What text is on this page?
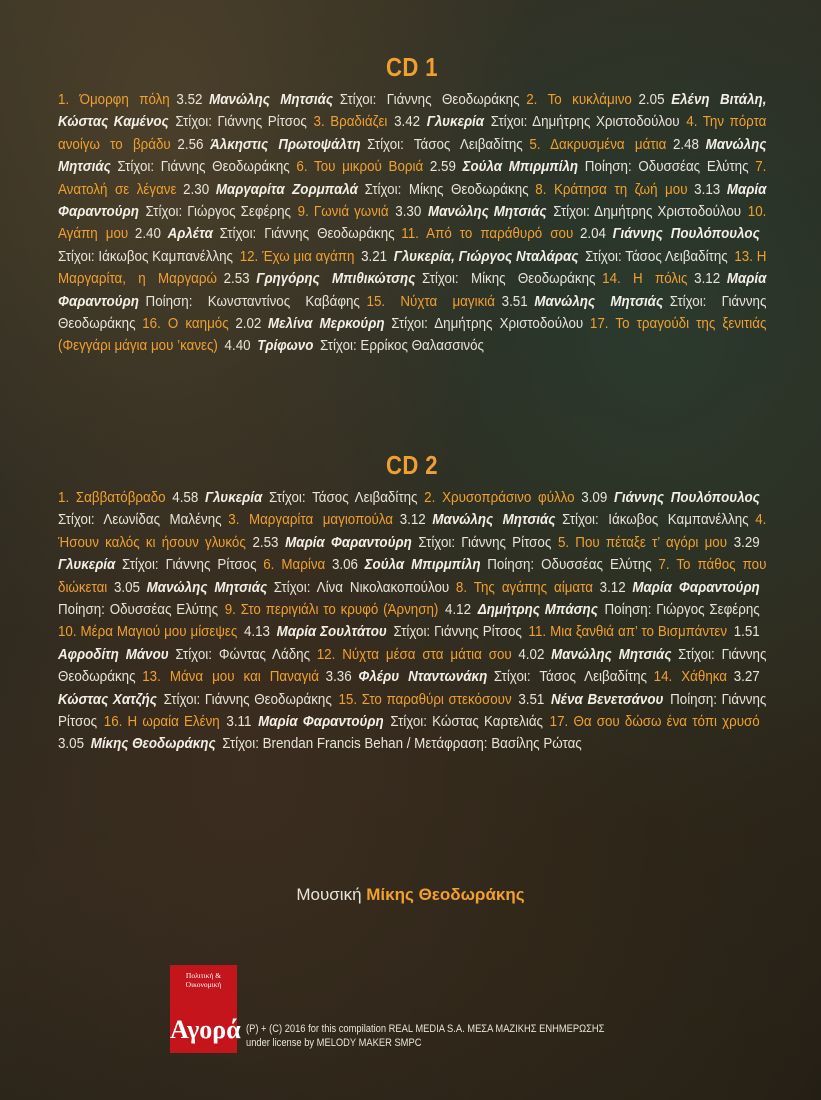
CD 1
1. Όμορφη πόλη  3.52  Μανώλης Μητσιάς  Στίχοι: Γιάννης Θεοδωράκης  2. Το κυκλάμινο  2.05  Ελένη Βιτάλη, Κώστας Καμένος  Στίχοι: Γιάννης Ρίτσος  3. Βραδιάζει  3.42  Γλυκερία  Στίχοι: Δημήτρης Χριστοδούλου  4. Την πόρτα ανοίγω το βράδυ  2.56  Άλκηστις Πρωτοψάλτη  Στίχοι: Τάσος Λειβαδίτης  5. Δακρυσμένα μάτια  2.48  Μανώλης Μητσιάς  Στίχοι: Γιάννης Θεοδωράκης  6. Του μικρού Βοριά  2.59  Σούλα Μπιρμπίλη  Ποίηση: Οδυσσέας Ελύτης  7. Ανατολή σε λέγανε  2.30  Μαργαρίτα Ζορμπαλά  Στίχοι: Μίκης Θεοδωράκης  8. Κράτησα τη ζωή μου  3.13  Μαρία Φαραντούρη  Στίχοι: Γιώργος Σεφέρης  9. Γωνιά γωνιά  3.30  Μανώλης Μητσιάς  Στίχοι: Δημήτρης Χριστοδούλου  10. Αγάπη μου  2.40  Αρλέτα  Στίχοι: Γιάννης Θεοδωράκης  11. Από το παράθυρό σου  2.04  Γιάννης Πουλόπουλος Στίχοι: Ιάκωβος Καμπανέλλης  12. Έχω μια αγάπη  3.21  Γλυκερία, Γιώργος Νταλάρας  Στίχοι: Τάσος Λειβαδίτης  13. Η Μαργαρίτα, η Μαργαρώ  2.53  Γρηγόρης Μπιθικώτσης  Στίχοι: Μίκης Θεοδωράκης  14. Η πόλις  3.12  Μαρία Φαραντούρη  Ποίηση: Κωνσταντίνος Καβάφης  15. Νύχτα μαγικιά  3.51  Μανώλης Μητσιάς  Στίχοι: Γιάννης Θεοδωράκης  16. Ο καημός  2.02  Μελίνα Μερκούρη  Στίχοι: Δημήτρης Χριστοδούλου  17. Το τραγούδι της ξενιτιάς (Φεγγάρι μάγια μου ’κανες)  4.40  Τρίφωνο  Στίχοι: Ερρίκος Θαλασσινός 
CD 2
1. Σαββατόβραδο  4.58  Γλυκερία  Στίχοι: Τάσος Λειβαδίτης  2. Χρυσοπράσινο φύλλο  3.09  Γιάννης Πουλόπουλος Στίχοι: Λεωνίδας Μαλένης  3. Μαργαρίτα μαγιοπούλα  3.12  Μανώλης Μητσιάς  Στίχοι: Ιάκωβος Καμπανέλλης  4. Ήσουν καλός κι ήσουν γλυκός  2.53  Μαρία Φαραντούρη  Στίχοι: Γιάννης Ρίτσος  5. Που πέταξε τ’ αγόρι μου  3.29 Γλυκερία  Στίχοι: Γιάννης Ρίτσος  6. Μαρίνα  3.06  Σούλα Μπιρμπίλη  Ποίηση: Οδυσσέας Ελύτης  7. Το πάθος που διώκεται  3.05  Μανώλης Μητσιάς  Στίχοι: Λίνα Νικολακοπούλου  8. Της αγάπης αίματα  3.12  Μαρία Φαραντούρη Ποίηση: Οδυσσέας Ελύτης  9. Στο περιγιάλι το κρυφό (Άρνηση)  4.12  Δημήτρης Μπάσης  Ποίηση: Γιώργος Σεφέρης 10. Μέρα Μαγιού μου μίσεψες  4.13  Μαρία Σουλτάτου  Στίχοι: Γιάννης Ρίτσος  11. Μια ξανθιά απ’ το Βισμπάντεν  1.51 Αφροδίτη Μάνου  Στίχοι: Φώντας Λάδης  12. Νύχτα μέσα στα μάτια σου  4.02  Μανώλης Μητσιάς  Στίχοι: Γιάννης Θεοδωράκης  13. Μάνα μου και Παναγιά  3.36  Φλέρυ Νταντωνάκη  Στίχοι: Τάσος Λειβαδίτης  14. Χάθηκα  3.27 Κώστας Χατζής  Στίχοι: Γιάννης Θεοδωράκης  15. Στο παραθύρι στεκόσουν  3.51  Νένα Βενετσάνου  Ποίηση: Γιάννης Ρίτσος  16. Η ωραία Ελένη  3.11  Μαρία Φαραντούρη  Στίχοι: Κώστας Καρτελιάς  17. Θα σου δώσω ένα τόπι χρυσό 3.05  Μίκης Θεοδωράκης  Στίχοι: Brendan Francis Behan / Μετάφραση: Βασίλης Ρώτας 
Μουσική Μίκης Θεοδωράκης
Πολιτική & Οικονομική
Αγορά (P) + (C) 2016 for this compilation REAL MEDIA S.A. ΜΕΣΑ ΜΑΖΙΚΗΣ ΕΝΗΜΕΡΩΣΗΣ
under license by MELODY MAKER SMPC
